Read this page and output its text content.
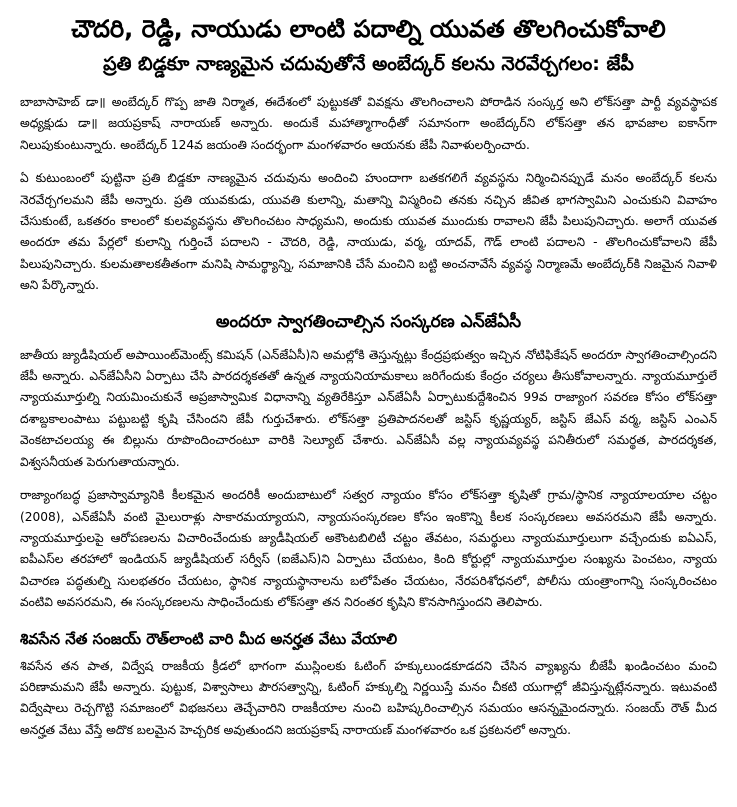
చౌదరి, రెడ్డి, నాయుడు లాంటి పదాల్ని యువత తొలగించుకోవాలి
ప్రతి బిడ్డకూ నాణ్యమైన చదువుతోనే అంబేద్కర్ కలను నెరవేర్చగలం: జేపీ

బాబాసాహెబ్ డా॥ అంబేద్కర్ గొప్ప జాతి నిర్మాత, ఈదేశంలో పుట్టుకతో వివక్షను తొలగించాలని పోరాడిన సంస్కర్త అని లోక్‌సత్తా పార్టీ వ్యవస్థాపక అధ్యక్షుడు డా॥ జయప్రకాష్ నారాయణ్ అన్నారు. అందుకే మహాత్మాగాంధీతో సమానంగా అంబేద్కర్‌ని లోక్‌సత్తా తన భావజాల ఐకాన్‌గా నిలుపుకుంటున్నారు. అంబేద్కర్ 124వ జయంతి సందర్భంగా మంగళవారం ఆయనకు జేపీ నివాళులర్పించారు.

ఏ కుటుంబంలో పుట్టినా ప్రతి బిడ్డకూ నాణ్యమైన చదువును అందించి హుందాగా బతకగలిగే వ్యవస్థను నిర్మించినప్పుడే మనం అంబేద్కర్ కలను నెరవేర్చగలమని జేపీ అన్నారు. ప్రతి యువకుడు, యువతి కులాన్ని, మతాన్ని విస్మరించి తనకు నచ్చిన జీవిత భాగస్వామిని ఎంచుకుని వివాహం చేసుకుంటే, ఒకతరం కాలంలో కులవ్యవస్థను తొలగించటం సాధ్యమని, అందుకు యువత ముందుకు రావాలని జేపీ పిలుపునిచ్చారు. అలాగే యువత అందరూ తమ పేర్లలో కులాన్ని గుర్తించే పదాలని - చౌదరి, రెడ్డి, నాయుడు, వర్మ, యాదవ్, గౌడ్ లాంటి పదాలని - తొలగించుకోవాలని జేపీ పిలుపునిచ్చారు. కులమతాలకతీతంగా మనిషి సామర్థ్యాన్ని, సమాజానికి చేసే మంచిని బట్టి అంచనావేసే వ్యవస్థ నిర్మాణమే అంబేద్కర్‌కి నిజమైన నివాళి అని పేర్కొన్నారు.

అందరూ స్వాగతించాల్సిన సంస్కరణ ఎన్‌జేఏసీ

జాతీయ జ్యుడీషియల్ అపాయింట్‌మెంట్స్ కమిషన్ (ఎన్‌జేఏసీ)ని అమల్లోకి తెస్తున్నట్లు కేంద్రప్రభుత్వం ఇచ్చిన నోటిఫికేషన్ అందరూ స్వాగతించాల్సిందని జేపీ అన్నారు. ఎన్‌జేఏసీని ఏర్పాటు చేసి పారదర్శకతతో ఉన్నత న్యాయనియామకాలు జరిగేందుకు కేంద్రం చర్యలు తీసుకోవాలన్నారు. న్యాయమూర్తులే న్యాయమూర్తుల్ని నియమించుకునే అప్రజాస్వామిక విధానాన్ని వ్యతిరేకిస్తూ ఎన్‌జేఏసీ ఏర్పాటుకుద్దేశించిన 99వ రాజ్యాంగ సవరణ కోసం లోక్‌సత్తా దశాబ్దకాలంపాటు పట్టుబట్టి కృషి చేసిందని జేపీ గుర్తుచేశారు. లోక్‌సత్తా ప్రతిపాదనలతో జస్టిస్ కృష్ణయ్యర్, జస్టిస్ జేఎస్ వర్మ, జస్టిస్ ఎంఎన్ వెంకటాచలయ్య ఈ బిల్లును రూపొందించారంటూ వారికి సెల్యూట్ చేశారు. ఎన్‌జేఏసీ వల్ల న్యాయవ్యవస్థ పనితీరులో సమర్థత, పారదర్శకత, విశ్వసనీయత పెరుగుతాయన్నారు.

రాజ్యాంగబద్ధ ప్రజాస్వామ్యానికి కీలకమైన అందరికీ అందుబాటులో సత్వర న్యాయం కోసం లోక్‌సత్తా కృషితో గ్రామ/స్థానిక న్యాయాలయాల చట్టం (2008), ఎన్‌జేఏసీ వంటి మైలురాళ్లు సాకారమయ్యాయని, న్యాయసంస్కరణల కోసం ఇంకొన్ని కీలక సంస్కరణలు అవసరమని జేపీ అన్నారు. న్యాయమూర్తులపై ఆరోపణలను విచారించేందుకు జ్యుడీషియల్ అకౌంటబిలిటీ చట్టం తేవటం, సమర్థులు న్యాయమూర్తులుగా వచ్చేందుకు ఐఏఎస్, ఐపీఎస్‌ల తరహాలో ఇండియన్ జ్యుడీషియల్ సర్వీస్ (ఐజేఎస్)ని ఏర్పాటు చేయటం, కింది కోర్టుల్లో న్యాయమూర్తుల సంఖ్యను పెంచటం, న్యాయ విచారణ పద్ధతుల్ని సులభతరం చేయటం, స్థానిక న్యాయస్థానాలను బలోపేతం చేయటం, నేరపరిశోధనలో, పోలీసు యంత్రాంగాన్ని సంస్కరించటం వంటివి అవసరమని, ఈ సంస్కరణలను సాధించేందుకు లోక్‌సత్తా తన నిరంతర కృషిని కొనసాగిస్తుందని తెలిపారు.

శివసేన నేత సంజయ్ రౌత్‌లాంటి వారి మీద అనర్హత వేటు వేయాలి

శివసేన తన పాత, విద్వేష రాజకీయ క్రీడలో భాగంగా ముస్లింలకు ఓటింగ్ హక్కులుండకూడదని చేసిన వ్యాఖ్యను బీజేపీ ఖండించటం మంచి పరిణామమని జేపీ అన్నారు. పుట్టుక, విశ్వాసాలు పౌరసత్వాన్ని, ఓటింగ్ హక్కుల్ని నిర్ణయిస్తే మనం చీకటి యుగాల్లో జీవిస్తున్నట్లేనన్నారు. ఇటువంటి విద్వేషాలు రెచ్చగొట్టి సమాజంలో విభజనలు తెచ్చేవారిని రాజకీయాల నుంచి బహిష్కరించాల్సిన సమయం ఆసన్నమైందన్నారు. సంజయ్ రౌత్ మీద అనర్హత వేటు వేస్తే అదొక బలమైన హెచ్చరిక అవుతుందని జయప్రకాష్ నారాయణ్ మంగళవారం ఒక ప్రకటనలో అన్నారు.
